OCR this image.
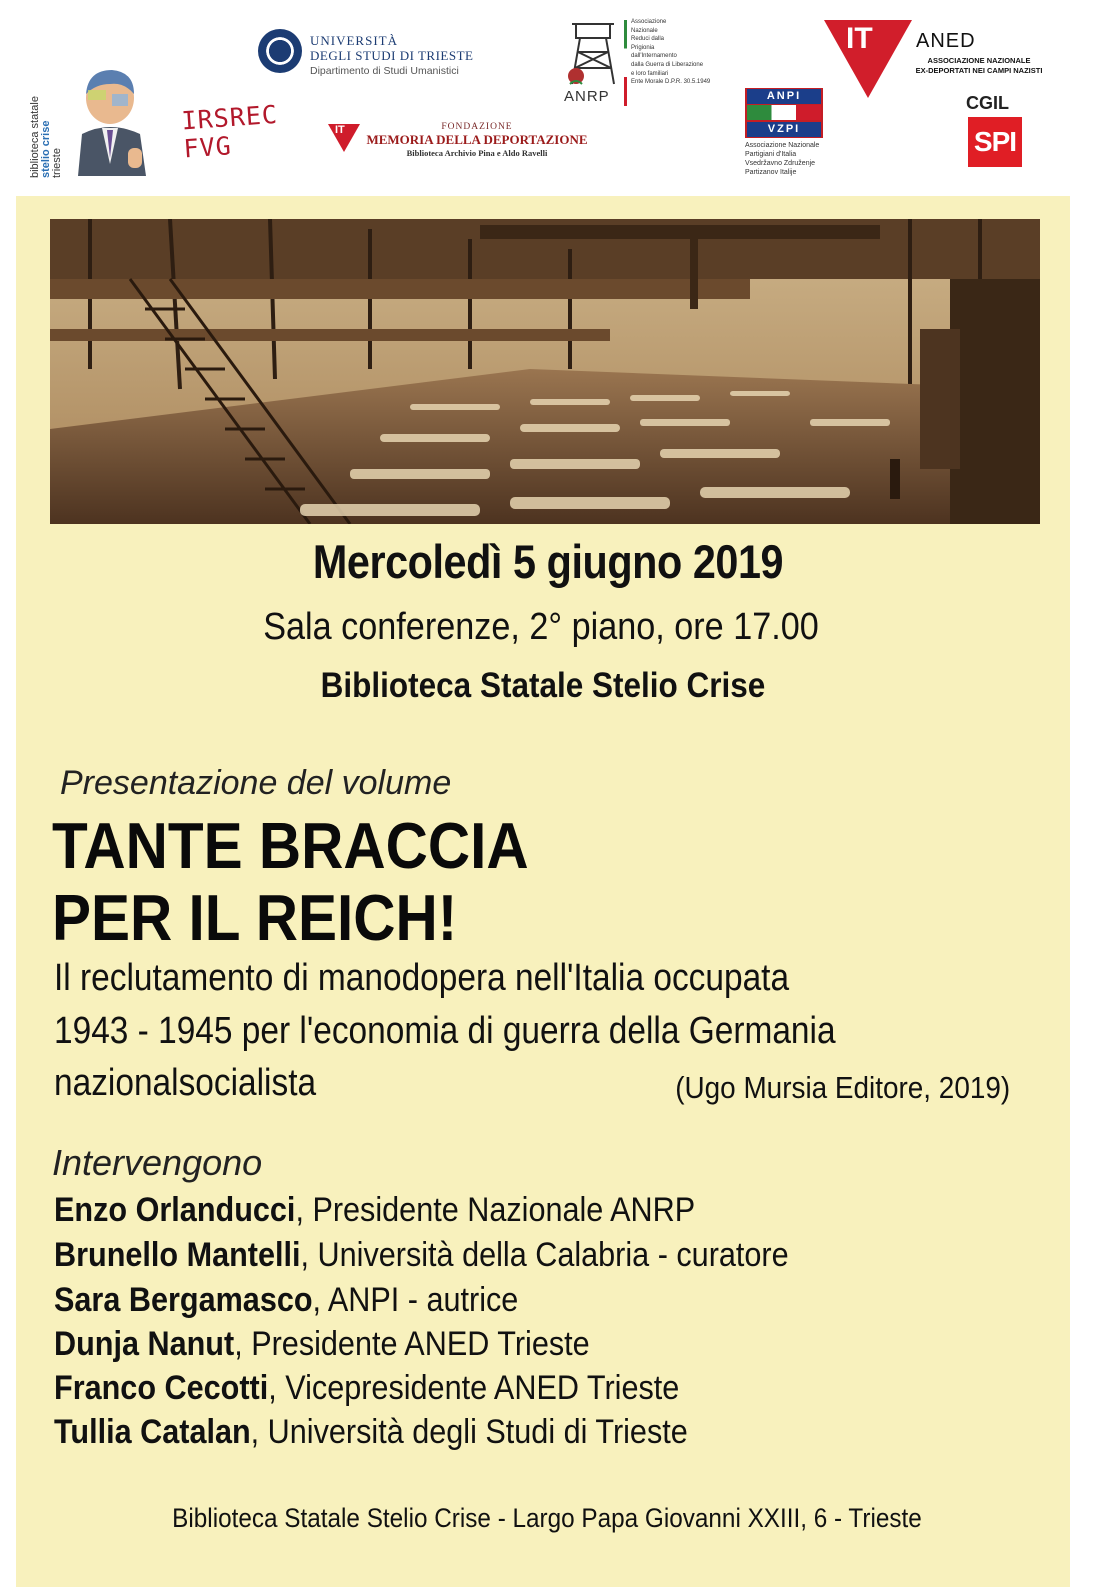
biblioteca statale stelio crise trieste
IRSREC
FVG
UNIVERSITÀ
DEGLI STUDI DI TRIESTE
Dipartimento di Studi Umanistici
IT	FONDAZIONE
MEMORIA DELLA DEPORTAZIONE
Biblioteca Archivio Pina e Aldo Ravelli
ANRP
Associazione
Nazionale
Reduci dalla
Prigionia
dall'Internamento
dalla Guerra di Liberazione
e loro familiari
Ente Morale D.P.R. 30.5.1949
IT ANED
ASSOCIAZIONE NAZIONALE
EX-DEPORTATI NEI CAMPI NAZISTI
ANPI
VZPI
Associazione Nazionale
Partigiani d'Italia
Vsedržavno Združenje
Partizanov Italije
CGIL
SPI
Mercoledì 5 giugno 2019
Sala conferenze, 2° piano, ore 17.00
Biblioteca Statale Stelio Crise
Presentazione del volume
TANTE BRACCIA
PER IL REICH!
Il reclutamento di manodopera nell'Italia occupata
1943 - 1945 per l'economia di guerra della Germania
nazionalsocialista	(Ugo Mursia Editore, 2019)
Intervengono
Enzo Orlanducci, Presidente Nazionale ANRP
Brunello Mantelli, Università della Calabria - curatore
Sara Bergamasco, ANPI - autrice
Dunja Nanut, Presidente ANED Trieste
Franco Cecotti, Vicepresidente ANED Trieste
Tullia Catalan, Università degli Studi di Trieste
Biblioteca Statale Stelio Crise - Largo Papa Giovanni XXIII, 6 - Trieste
